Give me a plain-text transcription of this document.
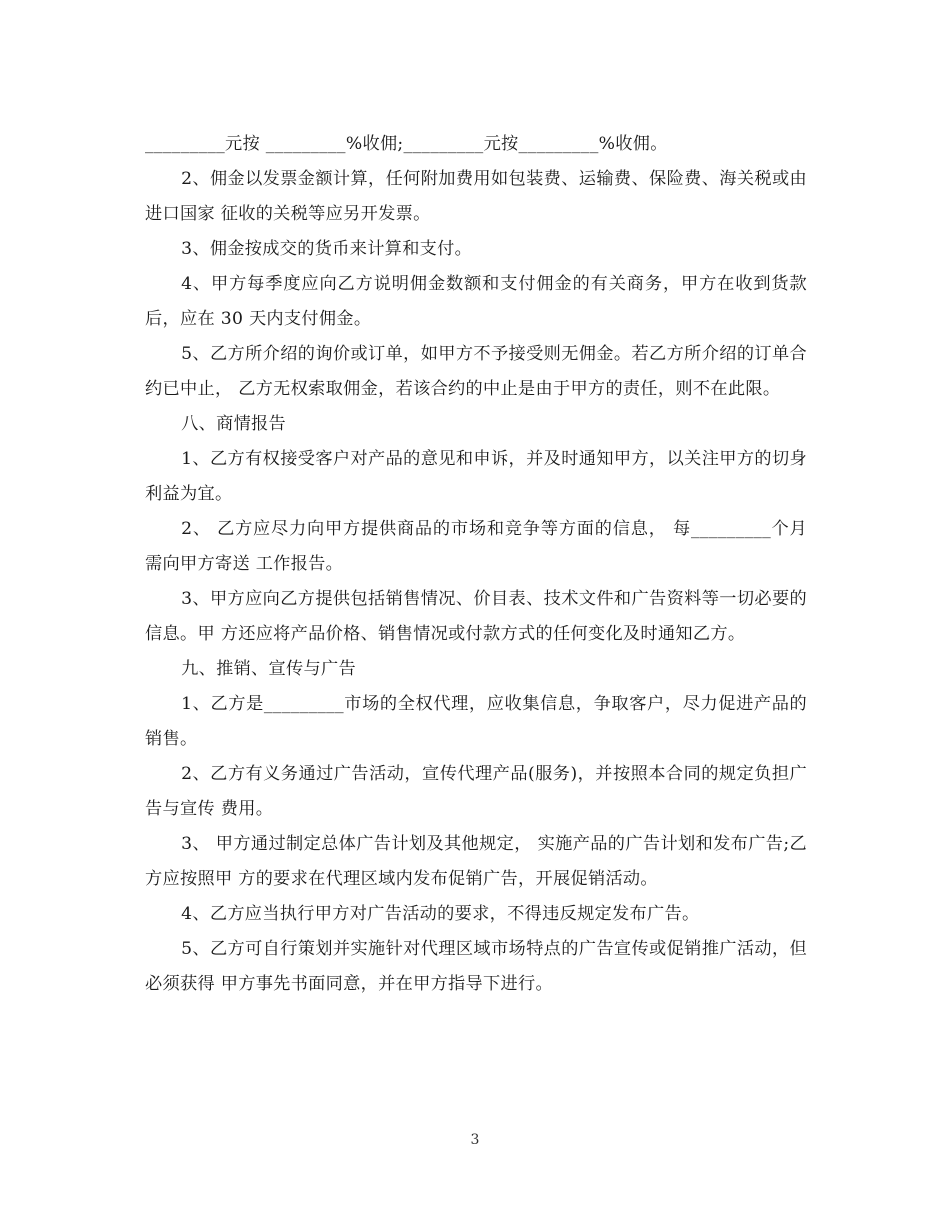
_________元按 _________%收佣;_________元按_________%收佣。

2、佣金以发票金额计算，任何附加费用如包装费、运输费、保险费、海关税或由进口国家 征收的关税等应另开发票。

3、佣金按成交的货币来计算和支付。

4、甲方每季度应向乙方说明佣金数额和支付佣金的有关商务，甲方在收到货款后，应在 30 天内支付佣金。

5、乙方所介绍的询价或订单，如甲方不予接受则无佣金。若乙方所介绍的订单合约已中止， 乙方无权索取佣金，若该合约的中止是由于甲方的责任，则不在此限。

八、商情报告

1、乙方有权接受客户对产品的意见和申诉，并及时通知甲方，以关注甲方的切身利益为宜。

2、 乙方应尽力向甲方提供商品的市场和竞争等方面的信息， 每_________个月需向甲方寄送 工作报告。

3、甲方应向乙方提供包括销售情况、价目表、技术文件和广告资料等一切必要的信息。甲 方还应将产品价格、销售情况或付款方式的任何变化及时通知乙方。

九、推销、宣传与广告

1、乙方是_________市场的全权代理，应收集信息，争取客户，尽力促进产品的销售。

2、乙方有义务通过广告活动，宣传代理产品(服务)，并按照本合同的规定负担广告与宣传 费用。

3、 甲方通过制定总体广告计划及其他规定， 实施产品的广告计划和发布广告;乙方应按照甲 方的要求在代理区域内发布促销广告，开展促销活动。

4、乙方应当执行甲方对广告活动的要求，不得违反规定发布广告。

5、乙方可自行策划并实施针对代理区域市场特点的广告宣传或促销推广活动，但必须获得 甲方事先书面同意，并在甲方指导下进行。

3
